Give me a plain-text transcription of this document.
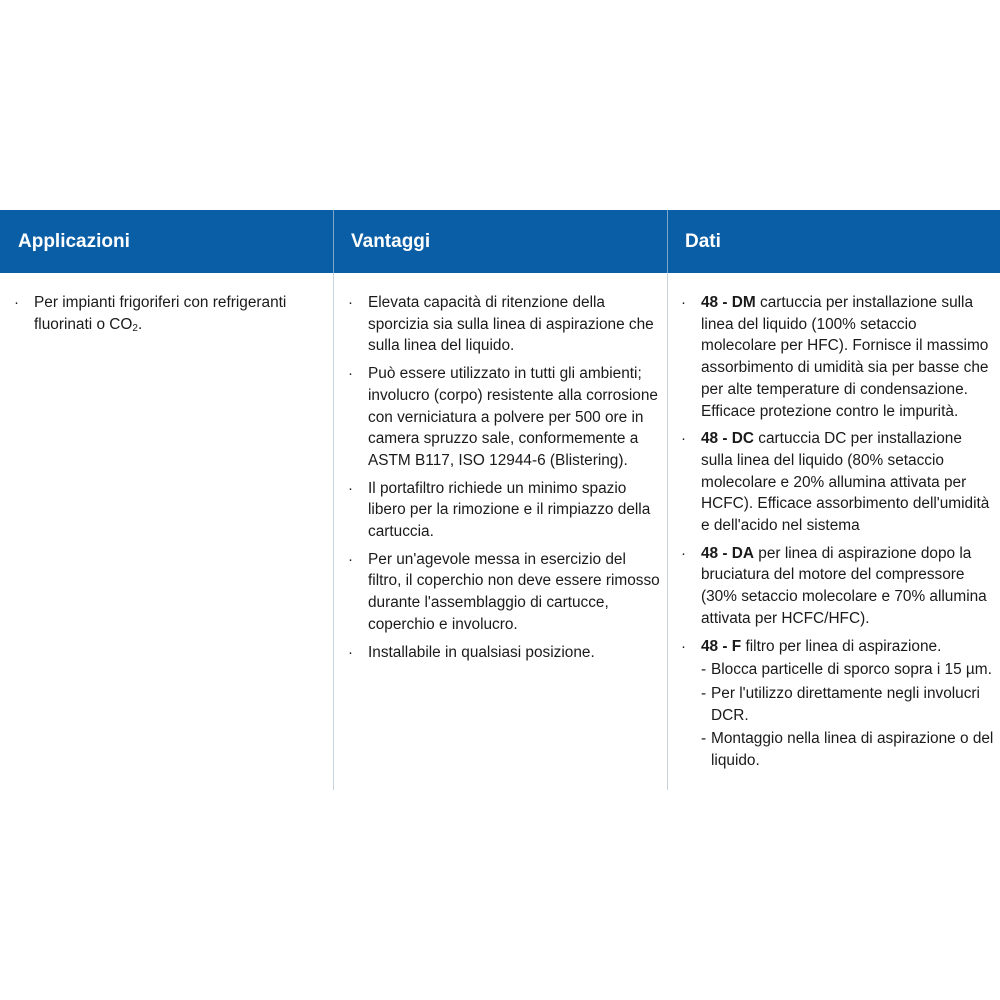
Applicazioni	Vantaggi	Dati
· Per impianti frigoriferi con refrigeranti fluorinati o $CO_2$.
· Elevata capacità di ritenzione della sporcizia sia sulla linea di aspirazione che sulla linea del liquido.
· Può essere utilizzato in tutti gli ambienti; involucro (corpo) resistente alla corrosione con verniciatura a polvere per 500 ore in camera spruzzo sale, conformemente a ASTM B117, ISO 12944-6 (Blistering).
· Il portafiltro richiede un minimo spazio libero per la rimozione e il rimpiazzo della cartuccia.
· Per un'agevole messa in esercizio del filtro, il coperchio non deve essere rimosso durante l'assemblaggio di cartucce, coperchio e involucro.
· Installabile in qualsiasi posizione.
· 48 - DM cartuccia per installazione sulla linea del liquido (100% setaccio molecolare per HFC). Fornisce il massimo assorbimento di umidità sia per basse che per alte temperature di condensazione. Efficace protezione contro le impurità.
· 48 - DC cartuccia DC per installazione sulla linea del liquido (80% setaccio molecolare e 20% allumina attivata per HCFC). Efficace assorbimento dell'umidità e dell'acido nel sistema
· 48 - DA per linea di aspirazione dopo la bruciatura del motore del compressore (30% setaccio molecolare e 70% allumina attivata per HCFC/HFC).
· 48 - F filtro per linea di aspirazione.
- Blocca particelle di sporco sopra i 15 µm.
- Per l'utilizzo direttamente negli involucri DCR.
- Montaggio nella linea di aspirazione o del liquido.
